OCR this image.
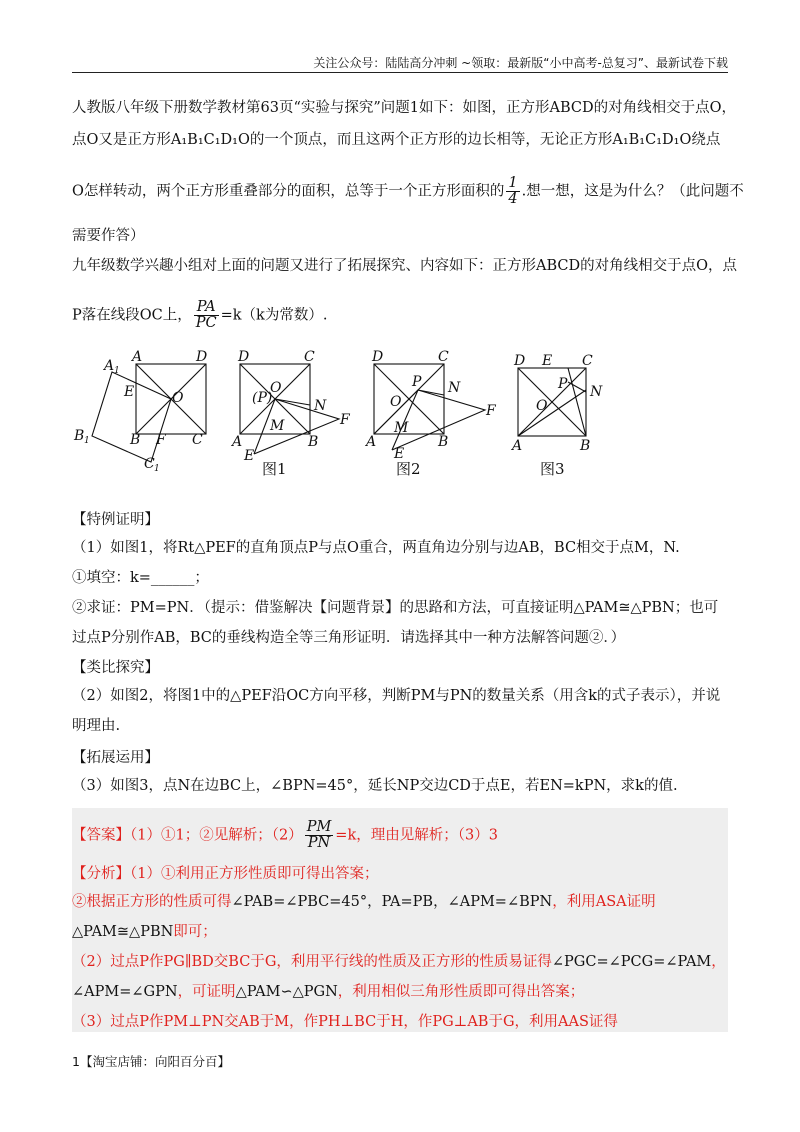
关注公众号：陆陆高分冲刺 ~领取：最新版“小中高考-总复习”、最新试卷下载
人教版八年级下册数学教材第63页“实验与探究”问题1如下：如图，正方形ABCD的对角线相交于点O，
点O又是正方形A₁B₁C₁D₁O的一个顶点，而且这两个正方形的边长相等，无论正方形A₁B₁C₁D₁O绕点
O怎样转动，两个正方形重叠部分的面积，总等于一个正方形面积的 $\frac{1}{4}$ .想一想，这是为什么？（此问题不
需要作答）
九年级数学兴趣小组对上面的问题又进行了拓展探究、内容如下：正方形ABCD的对角线相交于点O，点
P落在线段OC上， $\frac{PA}{PC} =k(k$为常数）.
A	D
A 1
E	O
B 1	B F C
C 1
D	C
(P)
O
N
F
M
A	B
E
D	C
P N
O
F
M
A
E
B
D E C
P N
O
A	B
图1	图2	图3
【特例证明】
（1）如图1，将Rt△PEF的直角顶点P与点O重合，两直角边分别与边AB，BC相交于点M，N.
①填空：k=______；
②求证：PM=PN．（提示：借鉴解决【问题背景】的思路和方法，可直接证明△PAM≅△PBN；也可
过点P分别作AB，BC的垂线构造全等三角形证明．请选择其中一种方法解答问题②．）
【类比探究】
（2）如图2，将图1中的△PEF沿OC方向平移，判断PM与PN的数量关系（用含k的式子表示），并说
明理由.
【拓展运用】
（3）如图3，点N在边BC上，∠BPN=45°，延长NP交边CD于点E，若EN=kPN，求k的值.
【答案】（1）①1；②见解析；$(2) \frac{PM}{PN} =k$，理由见解析；（3）3
【分析】（1）①利用正方形性质即可得出答案；
②根据正方形的性质可得∠PAB=∠PBC=45°，PA=PB，∠APM=∠BPN，利用ASA证明
△PAM≅△PBN即可；
（2）过点P作PG∥BD交BC于G，利用平行线的性质及正方形的性质易证得∠PGC=∠PCG=∠PAM，
∠APM=∠GPN，可证明△PAM∽△PGN，利用相似三角形性质即可得出答案；
（3）过点P作PM⊥PN交AB于M，作PH⊥BC于H，作PG⊥AB于G，利用AAS证得
1【淘宝店铺：向阳百分百】
